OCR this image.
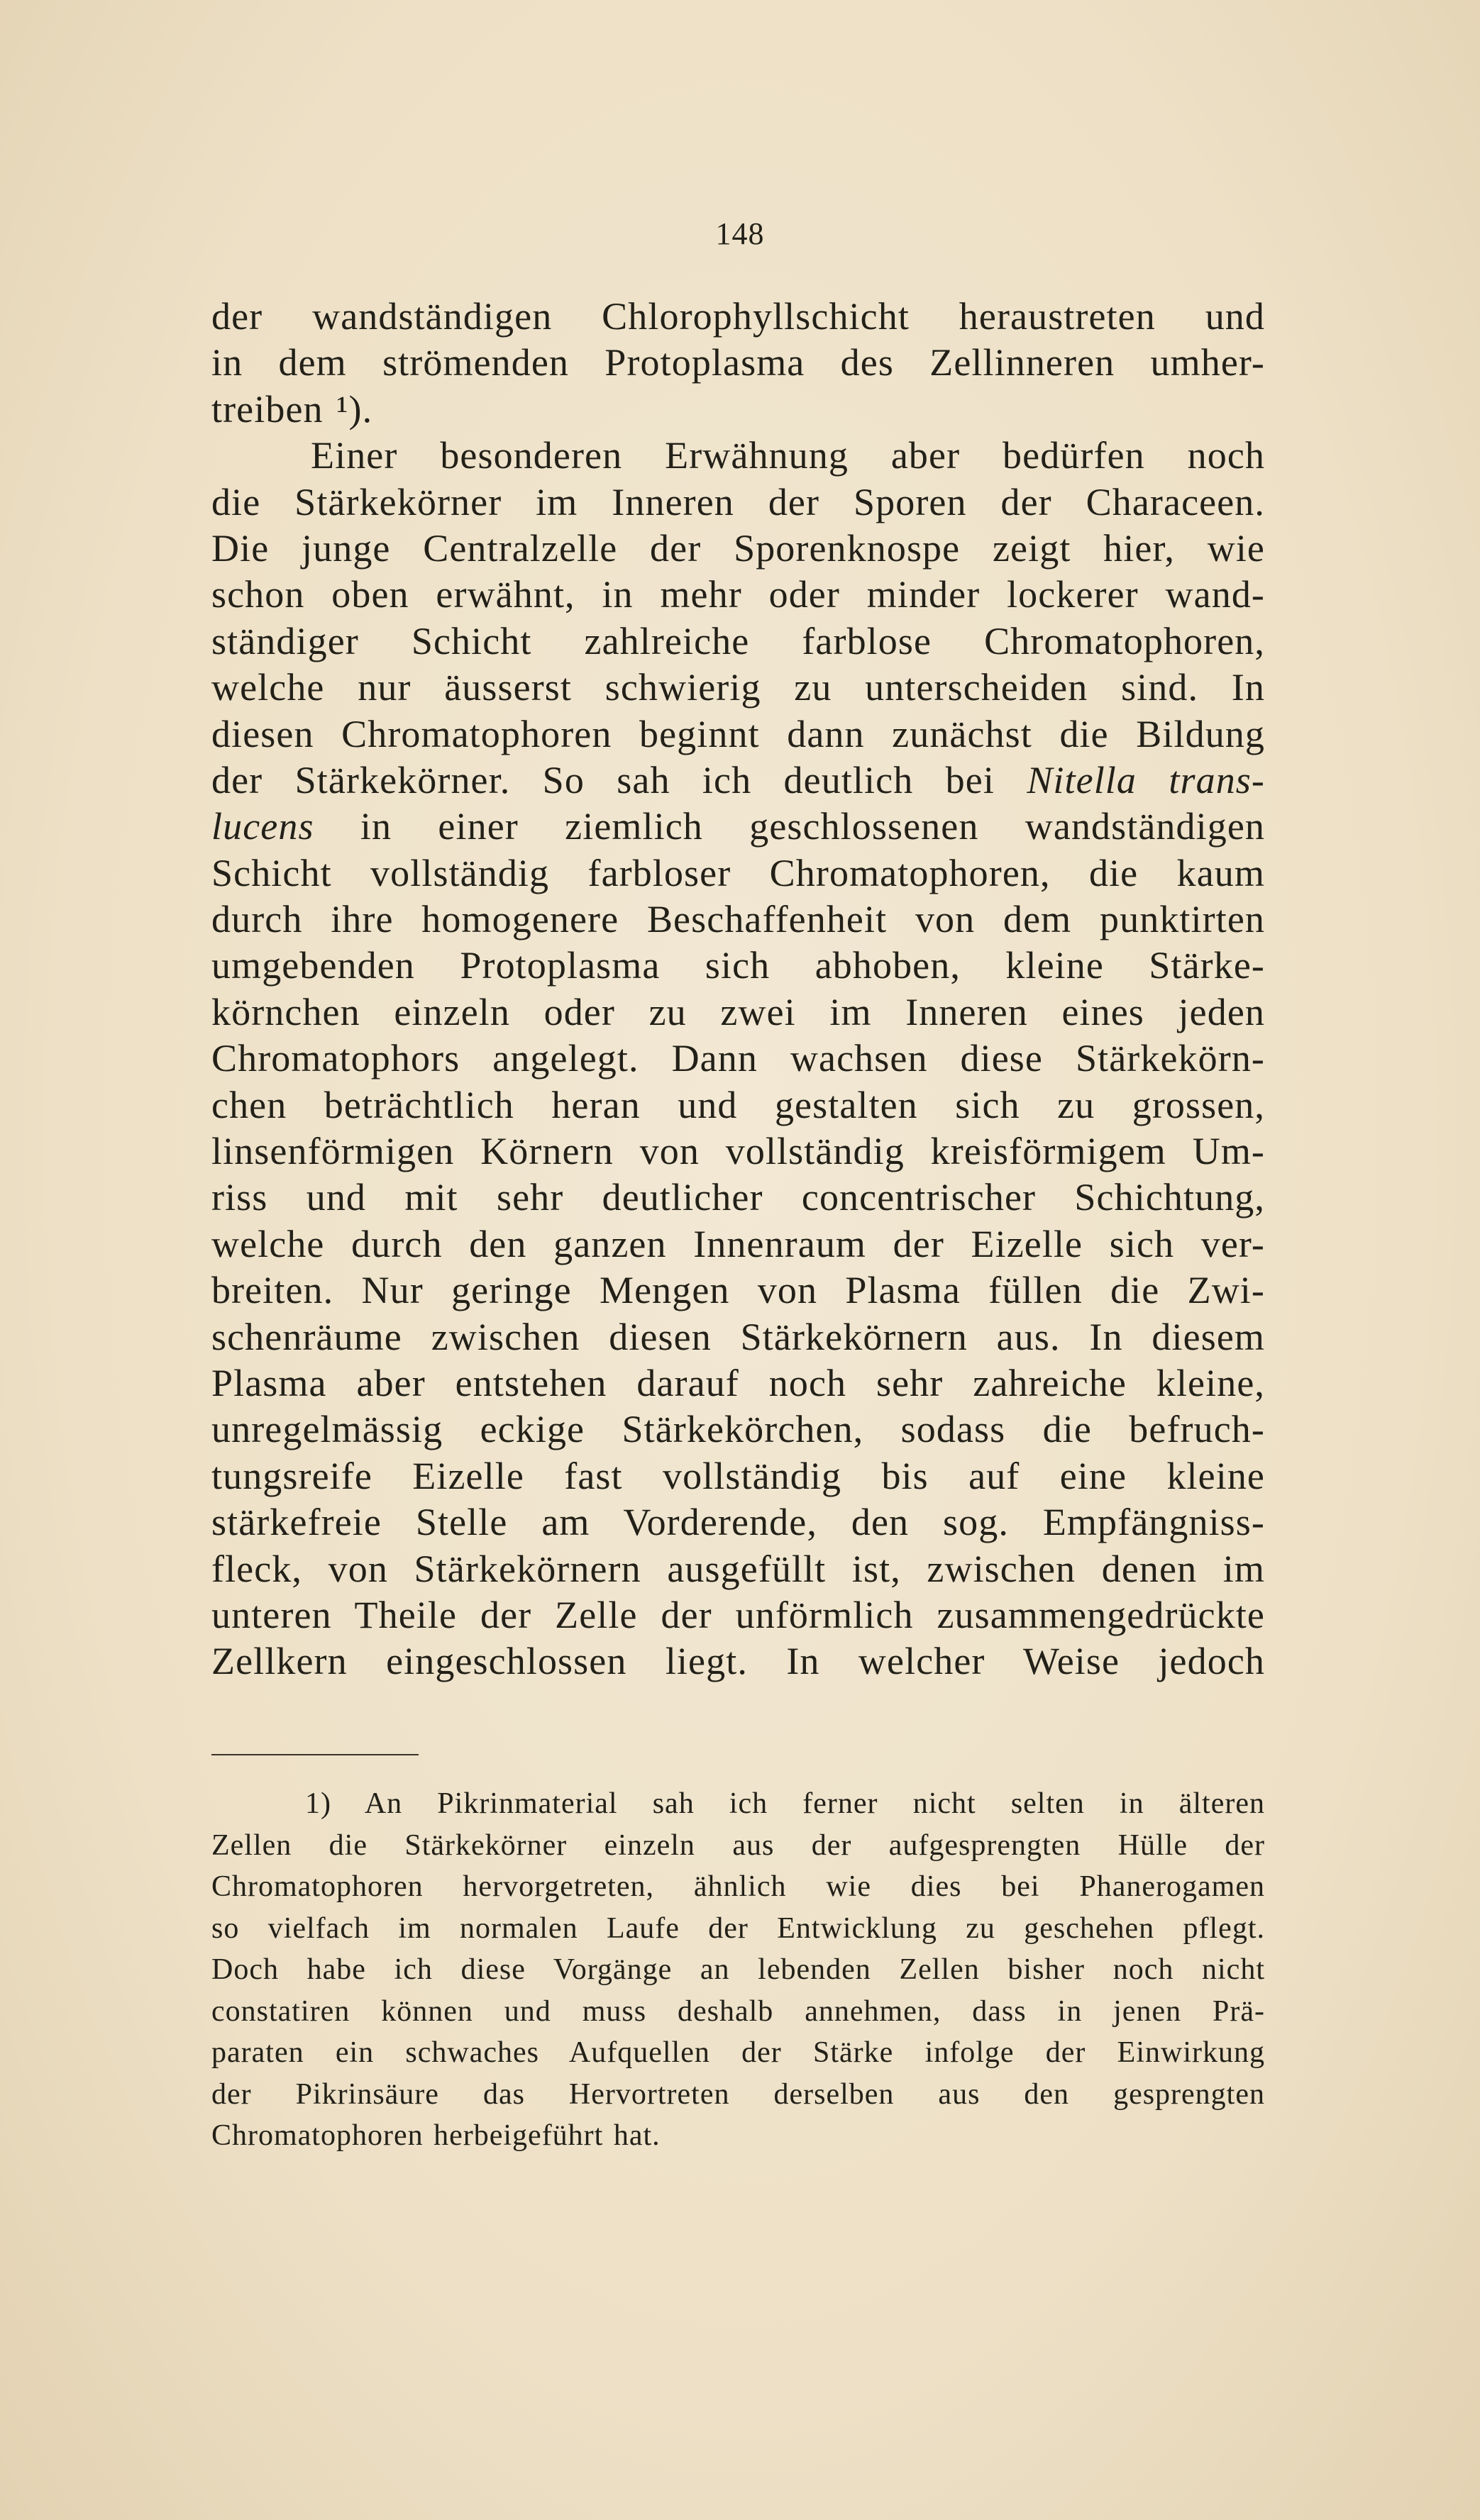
148
der wandständigen Chlorophyllschicht heraustreten und
in dem strömenden Protoplasma des Zellinneren umher-
treiben ¹).
Einer besonderen Erwähnung aber bedürfen noch
die Stärkekörner im Inneren der Sporen der Characeen.
Die junge Centralzelle der Sporenknospe zeigt hier, wie
schon oben erwähnt, in mehr oder minder lockerer wand-
ständiger Schicht zahlreiche farblose Chromatophoren,
welche nur äusserst schwierig zu unterscheiden sind. In
diesen Chromatophoren beginnt dann zunächst die Bildung
der Stärkekörner. So sah ich deutlich bei Nitella trans-
lucens in einer ziemlich geschlossenen wandständigen
Schicht vollständig farbloser Chromatophoren, die kaum
durch ihre homogenere Beschaffenheit von dem punktirten
umgebenden Protoplasma sich abhoben, kleine Stärke-
körnchen einzeln oder zu zwei im Inneren eines jeden
Chromatophors angelegt. Dann wachsen diese Stärkekörn-
chen beträchtlich heran und gestalten sich zu grossen,
linsenförmigen Körnern von vollständig kreisförmigem Um-
riss und mit sehr deutlicher concentrischer Schichtung,
welche durch den ganzen Innenraum der Eizelle sich ver-
breiten. Nur geringe Mengen von Plasma füllen die Zwi-
schenräume zwischen diesen Stärkekörnern aus. In diesem
Plasma aber entstehen darauf noch sehr zahreiche kleine,
unregelmässig eckige Stärkekörchen, sodass die befruch-
tungsreife Eizelle fast vollständig bis auf eine kleine
stärkefreie Stelle am Vorderende, den sog. Empfängniss-
fleck, von Stärkekörnern ausgefüllt ist, zwischen denen im
unteren Theile der Zelle der unförmlich zusammengedrückte
Zellkern eingeschlossen liegt. In welcher Weise jedoch
1) An Pikrinmaterial sah ich ferner nicht selten in älteren
Zellen die Stärkekörner einzeln aus der aufgesprengten Hülle der
Chromatophoren hervorgetreten, ähnlich wie dies bei Phanerogamen
so vielfach im normalen Laufe der Entwicklung zu geschehen pflegt.
Doch habe ich diese Vorgänge an lebenden Zellen bisher noch nicht
constatiren können und muss deshalb annehmen, dass in jenen Prä-
paraten ein schwaches Aufquellen der Stärke infolge der Einwirkung
der Pikrinsäure das Hervortreten derselben aus den gesprengten
Chromatophoren herbeigeführt hat.
